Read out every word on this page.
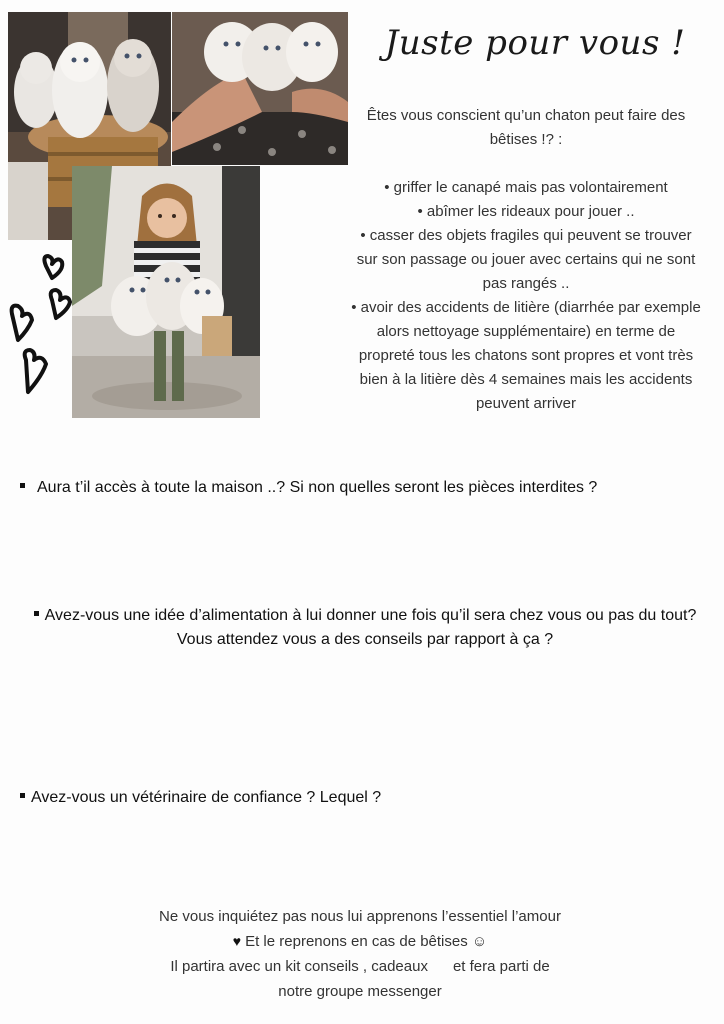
Juste pour vous !

Êtes vous conscient qu’un chaton peut faire des bêtises !? :

• griffer le canapé mais pas volontairement

• abîmer les rideaux pour jouer ..

• casser des objets fragiles qui peuvent se trouver sur son passage ou jouer avec certains qui ne sont pas rangés ..

• avoir des accidents de litière (diarrhée par exemple alors nettoyage supplémentaire) en terme de propreté tous les chatons sont propres et vont très bien à la litière dès 4 semaines mais les accidents peuvent arriver

Aura t’il accès à toute la maison ..? Si non quelles seront les pièces interdites ?
Avez-vous une idée d’alimentation à lui donner une fois qu’il sera chez vous ou pas du tout?
Vous attendez vous a des conseils par rapport à ça ?
Avez-vous un vétérinaire de confiance ? Lequel ?

Ne vous inquiétez pas nous lui apprenons l’essentiel l’amour

♥ Et le reprenons en cas de bêtises ☺

Il partira avec un kit conseils , cadeaux      et fera parti de

notre groupe messenger
